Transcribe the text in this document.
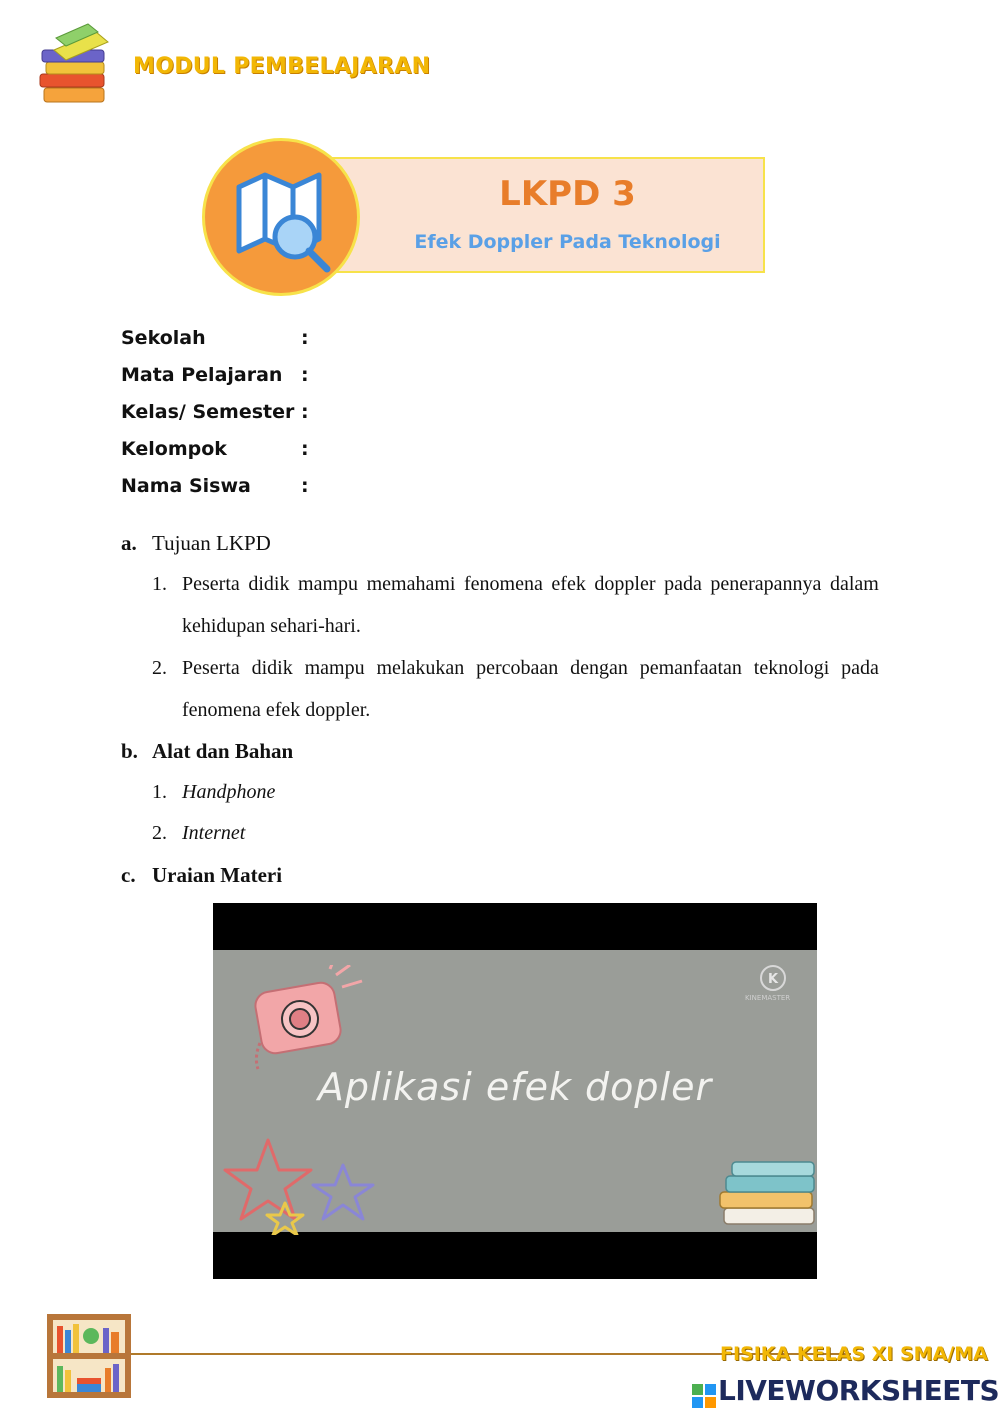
MODUL PEMBELAJARAN
LKPD 3
Efek Doppler Pada Teknologi
Sekolah	:
Mata Pelajaran :
Kelas/ Semester :
Kelompok	:
Nama Siswa	:
a. Tujuan LKPD
1. Peserta didik mampu memahami fenomena efek doppler pada penerapannya dalam
kehidupan sehari-hari.
2. Peserta didik mampu melakukan percobaan dengan pemanfaatan teknologi pada
fenomena efek doppler.
b. Alat dan Bahan
1. Handphone
2. Internet
c. Uraian Materi
K
KINEMASTER
Aplikasi efek dopler
FISIKA KELAS XI SMA/MA
LIVEWORKSHEETS
